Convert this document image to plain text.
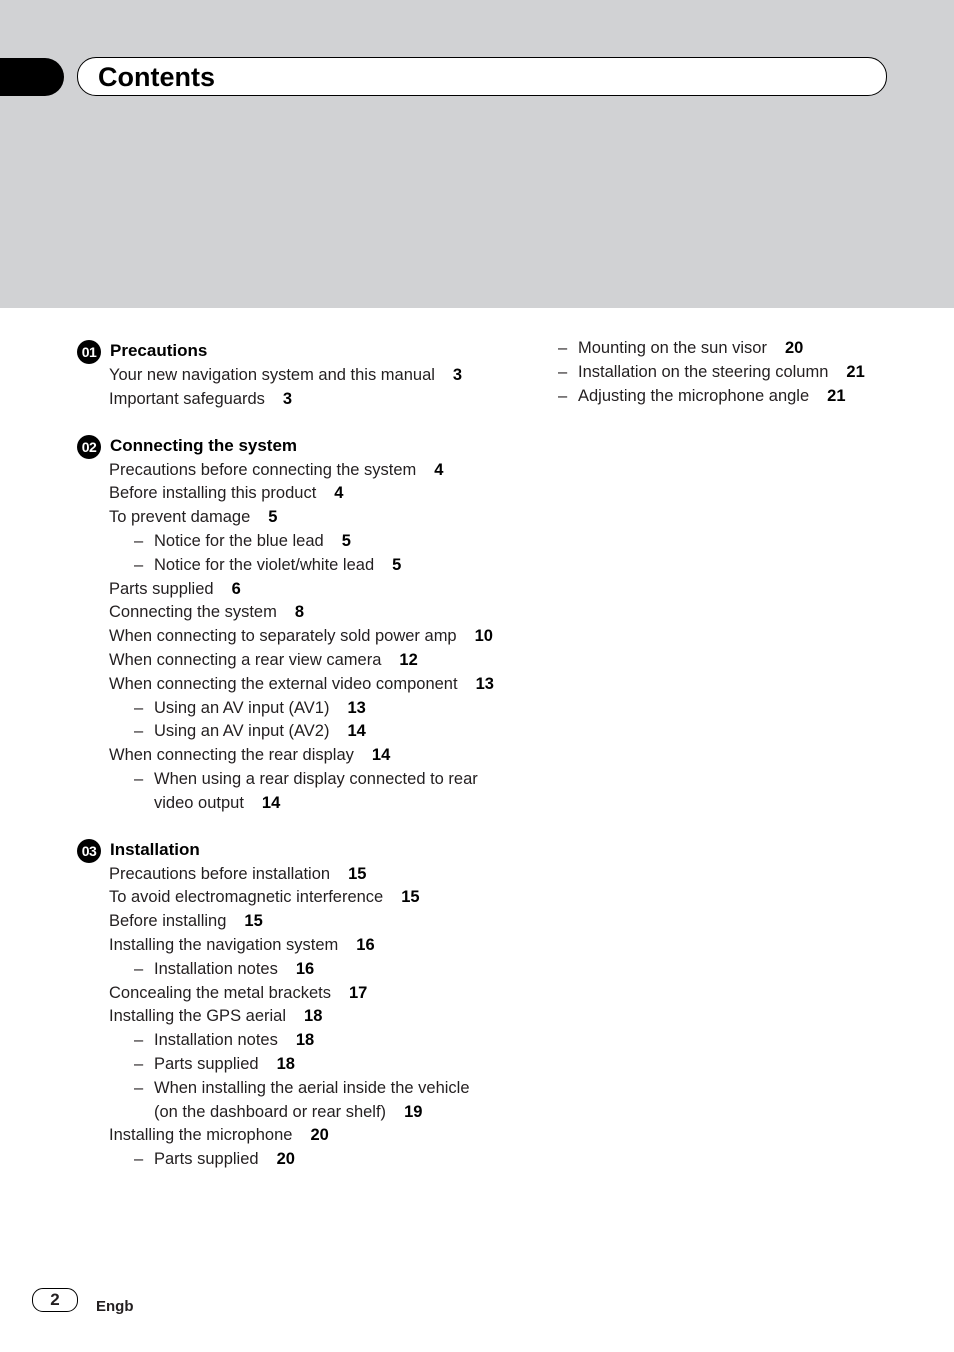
Contents
01 Precautions
Your new navigation system and this manual 3
Important safeguards 3
02 Connecting the system
Precautions before connecting the system 4
Before installing this product 4
To prevent damage 5
– Notice for the blue lead 5
– Notice for the violet/white lead 5
Parts supplied 6
Connecting the system 8
When connecting to separately sold power amp 10
When connecting a rear view camera 12
When connecting the external video component 13
– Using an AV input (AV1) 13
– Using an AV input (AV2) 14
When connecting the rear display 14
– When using a rear display connected to rear video output 14
03 Installation
Precautions before installation 15
To avoid electromagnetic interference 15
Before installing 15
Installing the navigation system 16
– Installation notes 16
Concealing the metal brackets 17
Installing the GPS aerial 18
– Installation notes 18
– Parts supplied 18
– When installing the aerial inside the vehicle (on the dashboard or rear shelf) 19
Installing the microphone 20
– Parts supplied 20
– Mounting on the sun visor 20
– Installation on the steering column 21
– Adjusting the microphone angle 21
2	Engb
